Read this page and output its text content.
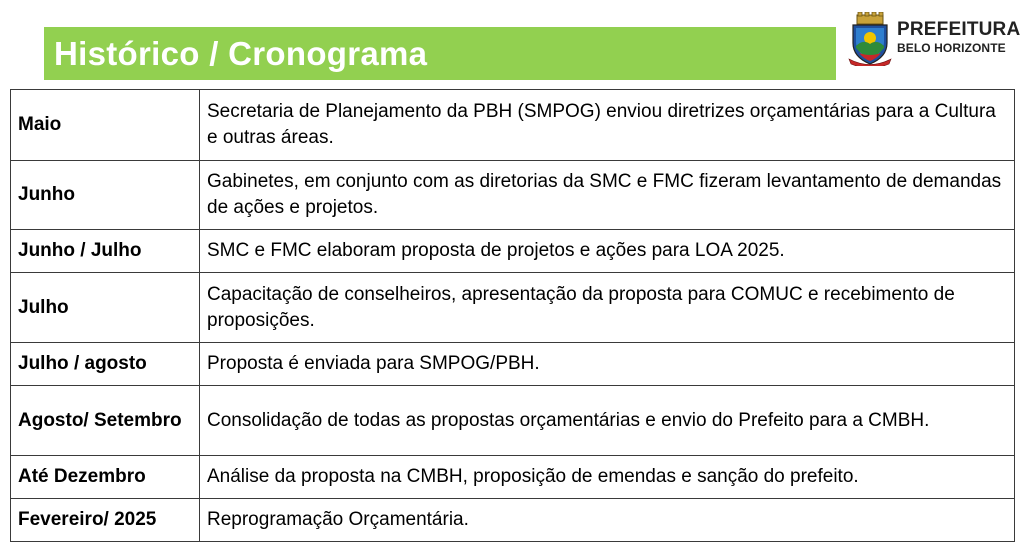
Histórico / Cronograma
PREFEITURA
BELO HORIZONTE
Maio	Secretaria de Planejamento da PBH (SMPOG) enviou diretrizes orçamentárias para a Cultura e outras áreas.
Junho	Gabinetes, em conjunto com as diretorias da SMC e FMC fizeram levantamento de demandas de ações e projetos.
Junho / Julho	SMC e FMC elaboram proposta de projetos e ações para LOA 2025.
Julho	Capacitação de conselheiros, apresentação da proposta para COMUC e recebimento de proposições.
Julho / agosto	Proposta é enviada para SMPOG/PBH.
Agosto/ Setembro	Consolidação de todas as propostas orçamentárias e envio do Prefeito para a CMBH.
Até Dezembro	Análise da proposta na CMBH, proposição de emendas e sanção do prefeito.
Fevereiro/ 2025	Reprogramação Orçamentária.
